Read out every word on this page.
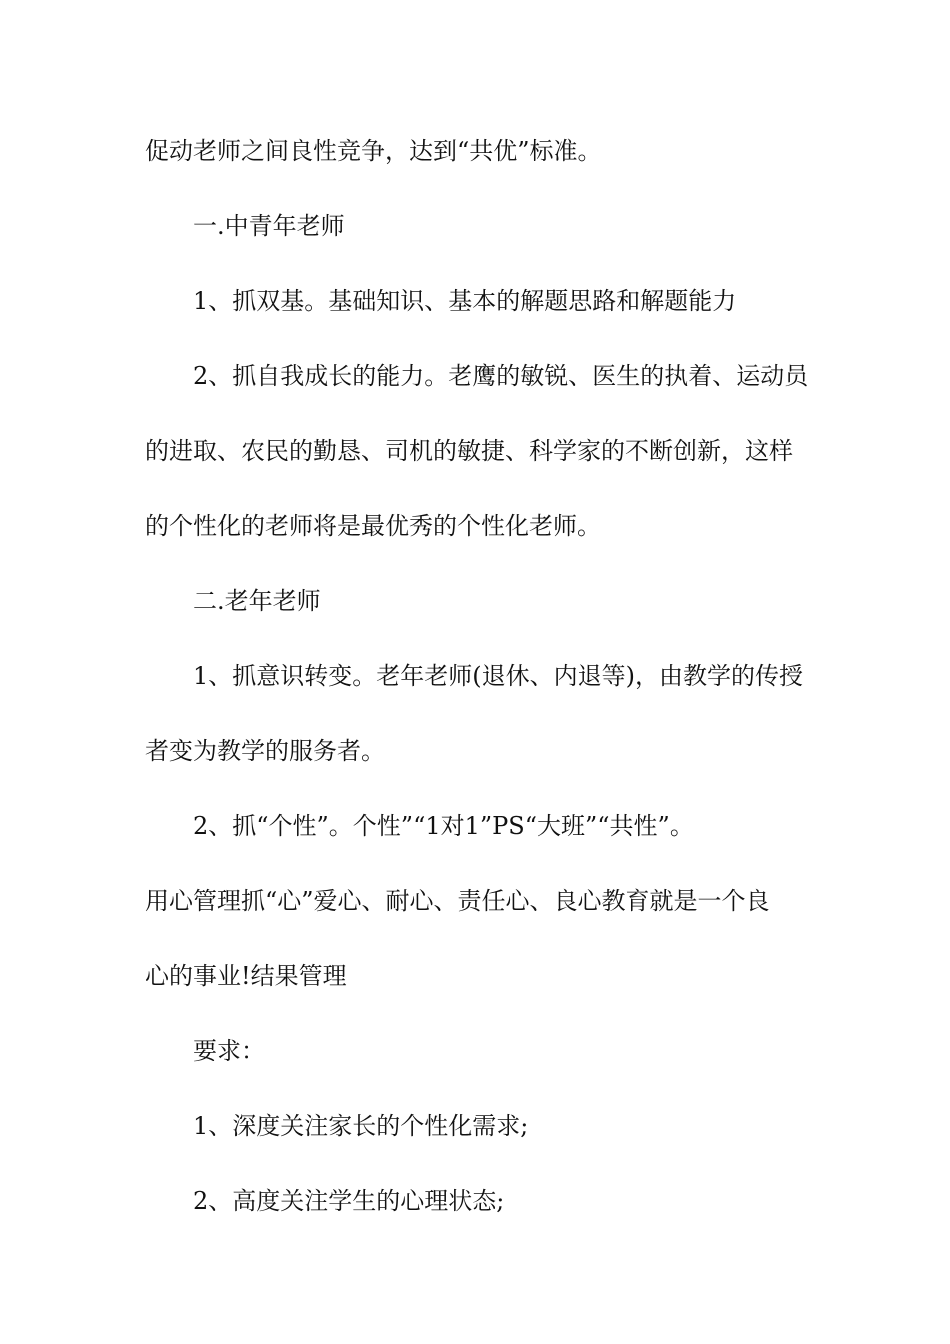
促动老师之间良性竞争，达到“共优”标准。
一.中青年老师
1、抓双基。基础知识、基本的解题思路和解题能力
2、抓自我成长的能力。老鹰的敏锐、医生的执着、运动员
的进取、农民的勤恳、司机的敏捷、科学家的不断创新，这样
的个性化的老师将是最优秀的个性化老师。
二.老年老师
1、抓意识转变。老年老师(退休、内退等)，由教学的传授
者变为教学的服务者。
2、抓“个性”。个性”“1对1”PS“大班”“共性”。
用心管理抓“心”爱心、耐心、责任心、良心教育就是一个良
心的事业!结果管理
要求：
1、深度关注家长的个性化需求;
2、高度关注学生的心理状态;
